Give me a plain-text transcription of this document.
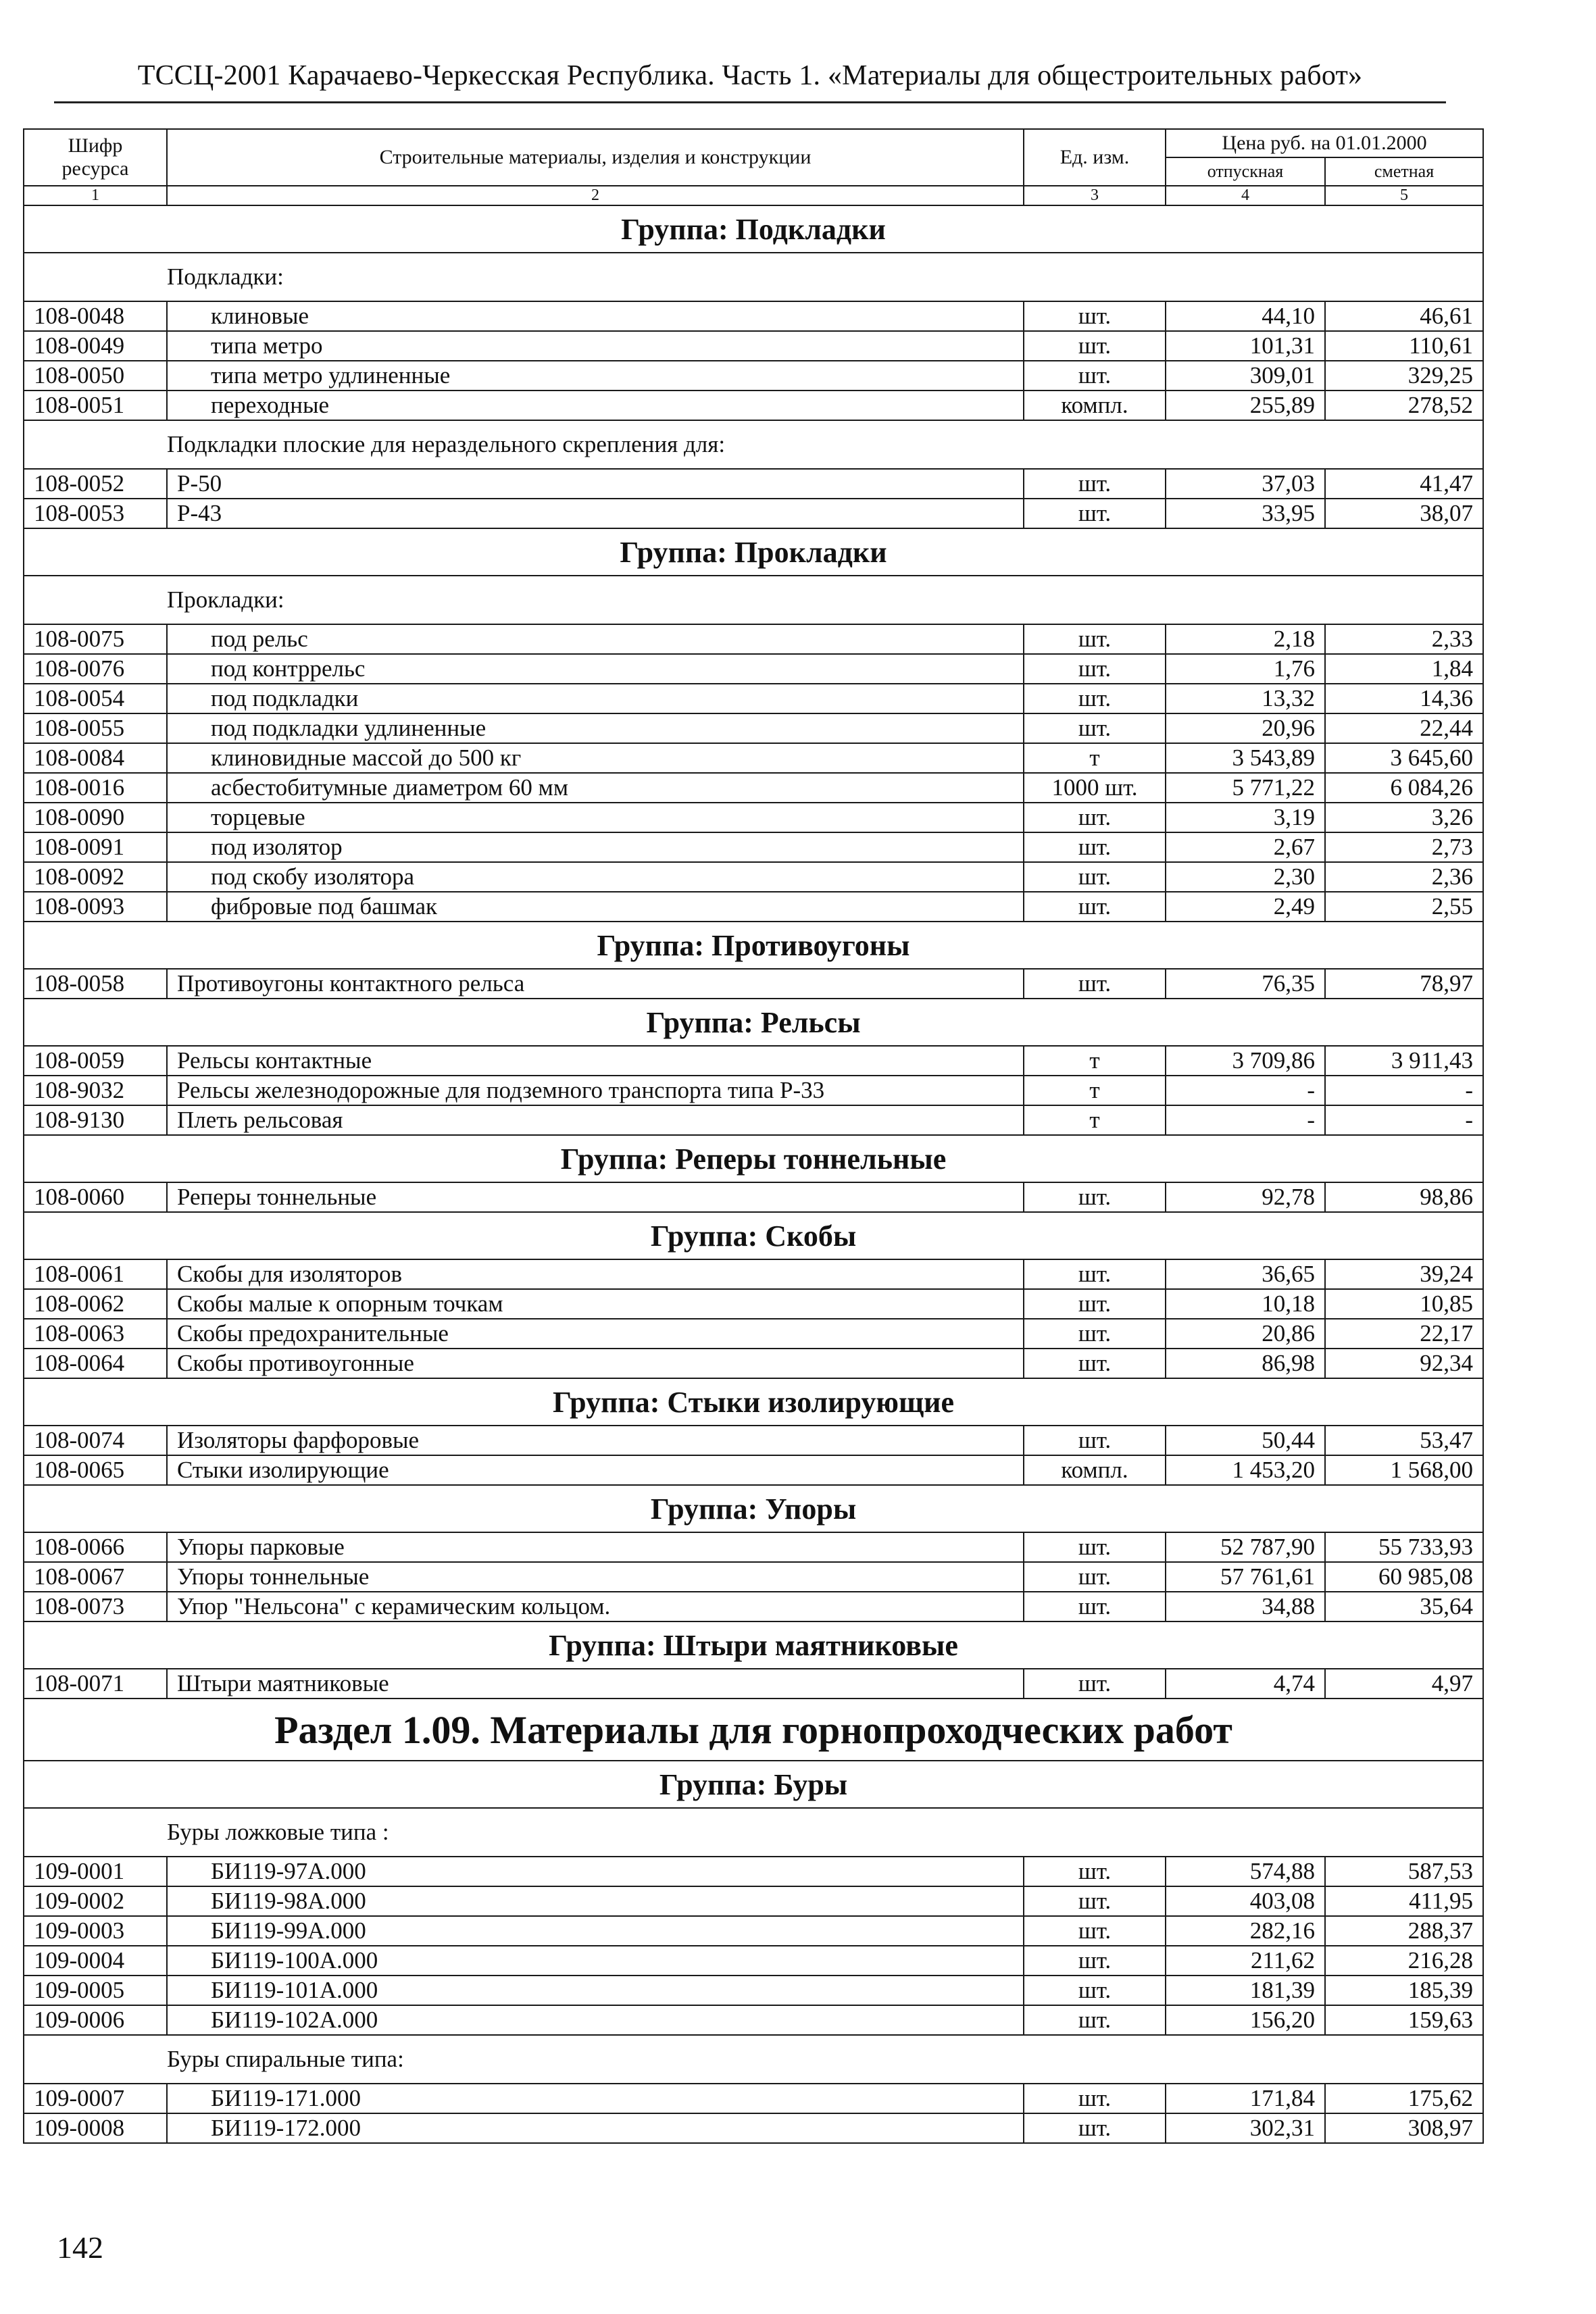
ТССЦ-2001 Карачаево-Черкесская Республика. Часть 1. «Материалы для общестроительных работ»
Шифр ресурса	Строительные материалы, изделия и конструкции	Ед. изм.	Цена руб. на 01.01.2000	
			отпускная	сметная
1	2	3	4	5
Группа: Подкладки				
	Подкладки:			
108-0048	клиновые	шт.	44,10	46,61
108-0049	типа метро	шт.	101,31	110,61
108-0050	типа метро удлиненные	шт.	309,01	329,25
108-0051	переходные	компл.	255,89	278,52
	Подкладки плоские для нераздельного скрепления для:			
108-0052	Р-50	шт.	37,03	41,47
108-0053	Р-43	шт.	33,95	38,07
Группа: Прокладки				
	Прокладки:			
108-0075	под рельс	шт.	2,18	2,33
108-0076	под контррельс	шт.	1,76	1,84
108-0054	под подкладки	шт.	13,32	14,36
108-0055	под подкладки удлиненные	шт.	20,96	22,44
108-0084	клиновидные массой до 500 кг	т	3 543,89	3 645,60
108-0016	асбестобитумные диаметром 60 мм	1000 шт.	5 771,22	6 084,26
108-0090	торцевые	шт.	3,19	3,26
108-0091	под изолятор	шт.	2,67	2,73
108-0092	под скобу изолятора	шт.	2,30	2,36
108-0093	фибровые под башмак	шт.	2,49	2,55
Группа: Противоугоны				
108-0058	Противоугоны контактного рельса	шт.	76,35	78,97
Группа: Рельсы				
108-0059	Рельсы контактные	т	3 709,86	3 911,43
108-9032	Рельсы железнодорожные для подземного транспорта типа Р-33	т	-	-
108-9130	Плеть рельсовая	т	-	-
Группа: Реперы тоннельные				
108-0060	Реперы тоннельные	шт.	92,78	98,86
Группа: Скобы				
108-0061	Скобы для изоляторов	шт.	36,65	39,24
108-0062	Скобы малые к опорным точкам	шт.	10,18	10,85
108-0063	Скобы предохранительные	шт.	20,86	22,17
108-0064	Скобы противоугонные	шт.	86,98	92,34
Группа: Стыки изолирующие				
108-0074	Изоляторы фарфоровые	шт.	50,44	53,47
108-0065	Стыки изолирующие	компл.	1 453,20	1 568,00
Группа: Упоры				
108-0066	Упоры парковые	шт.	52 787,90	55 733,93
108-0067	Упоры тоннельные	шт.	57 761,61	60 985,08
108-0073	Упор "Нельсона" с керамическим кольцом.	шт.	34,88	35,64
Группа: Штыри маятниковые				
108-0071	Штыри маятниковые	шт.	4,74	4,97
Раздел 1.09. Материалы для горнопроходческих работ				
Группа: Буры				
	Буры ложковые типа :			
109-0001	БИ119-97А.000	шт.	574,88	587,53
109-0002	БИ119-98А.000	шт.	403,08	411,95
109-0003	БИ119-99А.000	шт.	282,16	288,37
109-0004	БИ119-100А.000	шт.	211,62	216,28
109-0005	БИ119-101А.000	шт.	181,39	185,39
109-0006	БИ119-102А.000	шт.	156,20	159,63
	Буры спиральные типа:			
109-0007	БИ119-171.000	шт.	171,84	175,62
109-0008	БИ119-172.000	шт.	302,31	308,97
142
